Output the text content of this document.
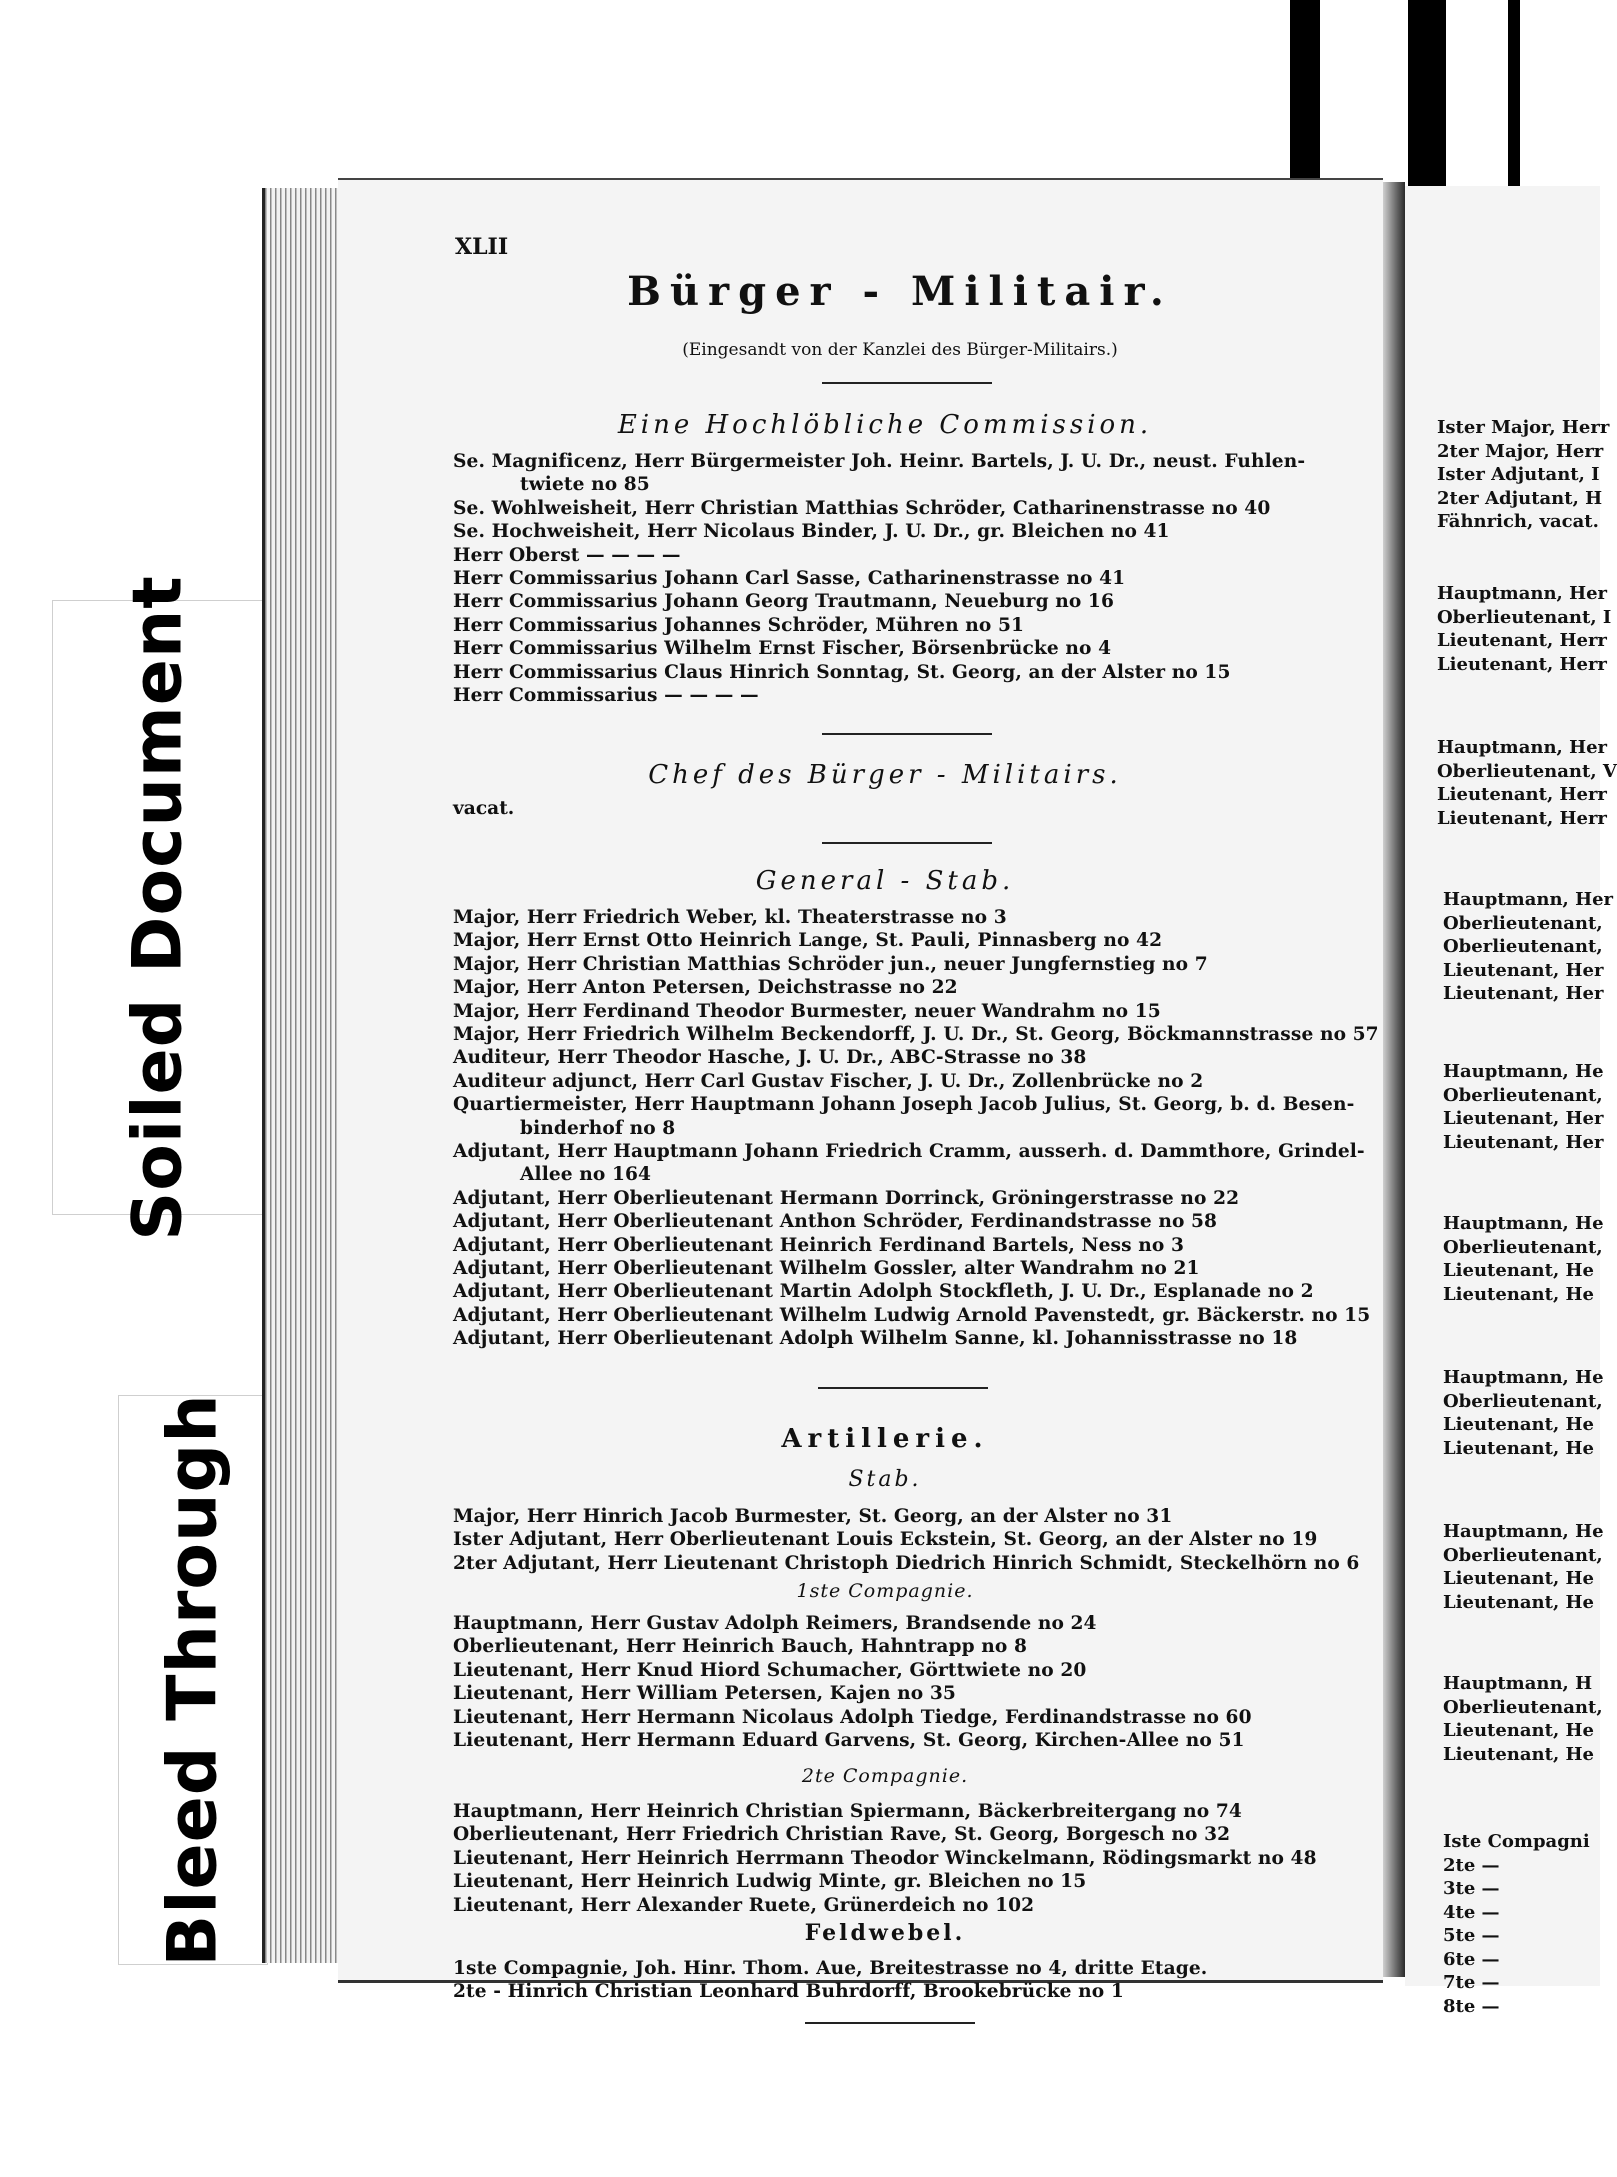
Soiled Document
Bleed Through
Ister Major, Herr
2ter Major, Herr
Ister Adjutant, I
2ter Adjutant, H
Fähnrich, vacat.
Hauptmann, Her
Oberlieutenant, I
Lieutenant, Herr
Lieutenant, Herr
Hauptmann, Her
Oberlieutenant, V
Lieutenant, Herr
Lieutenant, Herr
Hauptmann, Her
Oberlieutenant,
Oberlieutenant,
Lieutenant, Her
Lieutenant, Her
Hauptmann, He
Oberlieutenant,
Lieutenant, Her
Lieutenant, Her
Hauptmann, He
Oberlieutenant,
Lieutenant, He
Lieutenant, He
Hauptmann, He
Oberlieutenant,
Lieutenant, He
Lieutenant, He
Hauptmann, He
Oberlieutenant,
Lieutenant, He
Lieutenant, He
Hauptmann, H
Oberlieutenant,
Lieutenant, He
Lieutenant, He
Iste Compagni
2te —
3te —
4te —
5te —
6te —
7te —
8te —
XLII
Bürger - Militair.
(Eingesandt von der Kanzlei des Bürger-Militairs.)
Eine Hochlöbliche Commission.
Se. Magnificenz, Herr Bürgermeister Joh. Heinr. Bartels, J. U. Dr., neust. Fuhlen-
twiete no 85
Se. Wohlweisheit, Herr Christian Matthias Schröder, Catharinenstrasse no 40
Se. Hochweisheit, Herr Nicolaus Binder, J. U. Dr., gr. Bleichen no 41
Herr Oberst — — — —
Herr Commissarius Johann Carl Sasse, Catharinenstrasse no 41
Herr Commissarius Johann Georg Trautmann, Neueburg no 16
Herr Commissarius Johannes Schröder, Mühren no 51
Herr Commissarius Wilhelm Ernst Fischer, Börsenbrücke no 4
Herr Commissarius Claus Hinrich Sonntag, St. Georg, an der Alster no 15
Herr Commissarius — — — —
Chef des Bürger - Militairs.
vacat.
General - Stab.
Major, Herr Friedrich Weber, kl. Theaterstrasse no 3
Major, Herr Ernst Otto Heinrich Lange, St. Pauli, Pinnasberg no 42
Major, Herr Christian Matthias Schröder jun., neuer Jungfernstieg no 7
Major, Herr Anton Petersen, Deichstrasse no 22
Major, Herr Ferdinand Theodor Burmester, neuer Wandrahm no 15
Major, Herr Friedrich Wilhelm Beckendorff, J. U. Dr., St. Georg, Böckmannstrasse no 57
Auditeur, Herr Theodor Hasche, J. U. Dr., ABC-Strasse no 38
Auditeur adjunct, Herr Carl Gustav Fischer, J. U. Dr., Zollenbrücke no 2
Quartiermeister, Herr Hauptmann Johann Joseph Jacob Julius, St. Georg, b. d. Besen-
binderhof no 8
Adjutant, Herr Hauptmann Johann Friedrich Cramm, ausserh. d. Dammthore, Grindel-
Allee no 164
Adjutant, Herr Oberlieutenant Hermann Dorrinck, Gröningerstrasse no 22
Adjutant, Herr Oberlieutenant Anthon Schröder, Ferdinandstrasse no 58
Adjutant, Herr Oberlieutenant Heinrich Ferdinand Bartels, Ness no 3
Adjutant, Herr Oberlieutenant Wilhelm Gossler, alter Wandrahm no 21
Adjutant, Herr Oberlieutenant Martin Adolph Stockfleth, J. U. Dr., Esplanade no 2
Adjutant, Herr Oberlieutenant Wilhelm Ludwig Arnold Pavenstedt, gr. Bäckerstr. no 15
Adjutant, Herr Oberlieutenant Adolph Wilhelm Sanne, kl. Johannisstrasse no 18
Artillerie.
Stab.
Major, Herr Hinrich Jacob Burmester, St. Georg, an der Alster no 31
Ister Adjutant, Herr Oberlieutenant Louis Eckstein, St. Georg, an der Alster no 19
2ter Adjutant, Herr Lieutenant Christoph Diedrich Hinrich Schmidt, Steckelhörn no 6
1ste Compagnie.
Hauptmann, Herr Gustav Adolph Reimers, Brandsende no 24
Oberlieutenant, Herr Heinrich Bauch, Hahntrapp no 8
Lieutenant, Herr Knud Hiord Schumacher, Görttwiete no 20
Lieutenant, Herr William Petersen, Kajen no 35
Lieutenant, Herr Hermann Nicolaus Adolph Tiedge, Ferdinandstrasse no 60
Lieutenant, Herr Hermann Eduard Garvens, St. Georg, Kirchen-Allee no 51
2te Compagnie.
Hauptmann, Herr Heinrich Christian Spiermann, Bäckerbreitergang no 74
Oberlieutenant, Herr Friedrich Christian Rave, St. Georg, Borgesch no 32
Lieutenant, Herr Heinrich Herrmann Theodor Winckelmann, Rödingsmarkt no 48
Lieutenant, Herr Heinrich Ludwig Minte, gr. Bleichen no 15
Lieutenant, Herr Alexander Ruete, Grünerdeich no 102
Feldwebel.
1ste Compagnie, Joh. Hinr. Thom. Aue, Breitestrasse no 4, dritte Etage.
2te - Hinrich Christian Leonhard Buhrdorff, Brookebrücke no 1
